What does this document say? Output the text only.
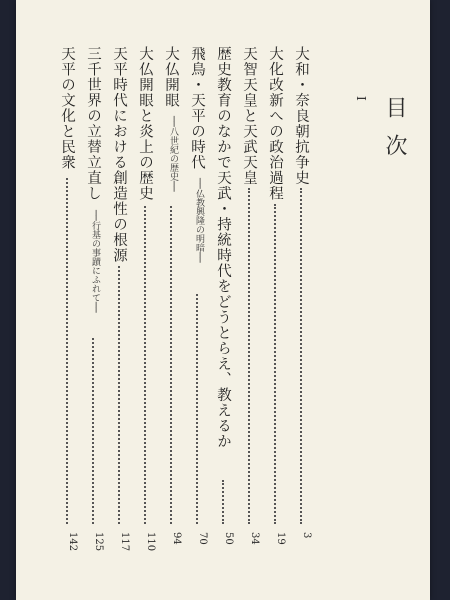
目次
I
大和・奈良朝抗争史
3
大化改新への政治過程
19
天智天皇と天武天皇
34
歴史教育のなかで天武・持統時代をどうとらえ、教えるか
50
飛鳥・天平の時代
──仏教興隆の明暗──
70
大仏開眼
──八世紀の歴史──
94
大仏開眼と炎上の歴史
110
天平時代における創造性の根源
117
三千世界の立替立直し
──行基の事蹟にふれて──
125
天平の文化と民衆
142
